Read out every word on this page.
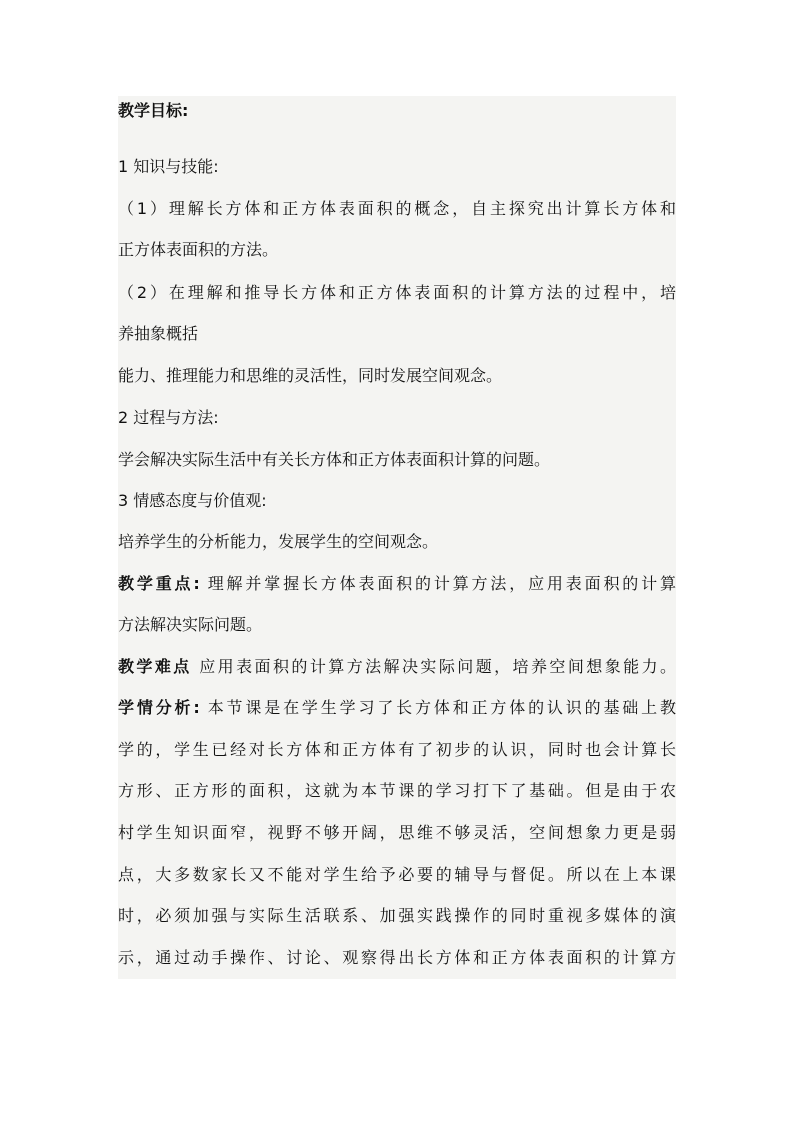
教学目标:
1 知识与技能:
（1）理解长方体和正方体表面积的概念，自主探究出计算长方体和
正方体表面积的方法。
（2）在理解和推导长方体和正方体表面积的计算方法的过程中，培
养抽象概括
能力、推理能力和思维的灵活性，同时发展空间观念。
2 过程与方法:
学会解决实际生活中有关长方体和正方体表面积计算的问题。
3 情感态度与价值观:
培养学生的分析能力，发展学生的空间观念。
教学重点: 理解并掌握长方体表面积的计算方法，应用表面积的计算
方法解决实际问题。
教学难点 应用表面积的计算方法解决实际问题，培养空间想象能力。
学情分析: 本节课是在学生学习了长方体和正方体的认识的基础上教
学的，学生已经对长方体和正方体有了初步的认识，同时也会计算长
方形、正方形的面积，这就为本节课的学习打下了基础。但是由于农
村学生知识面窄，视野不够开阔，思维不够灵活，空间想象力更是弱
点，大多数家长又不能对学生给予必要的辅导与督促。所以在上本课
时，必须加强与实际生活联系、加强实践操作的同时重视多媒体的演
示，通过动手操作、讨论、观察得出长方体和正方体表面积的计算方
